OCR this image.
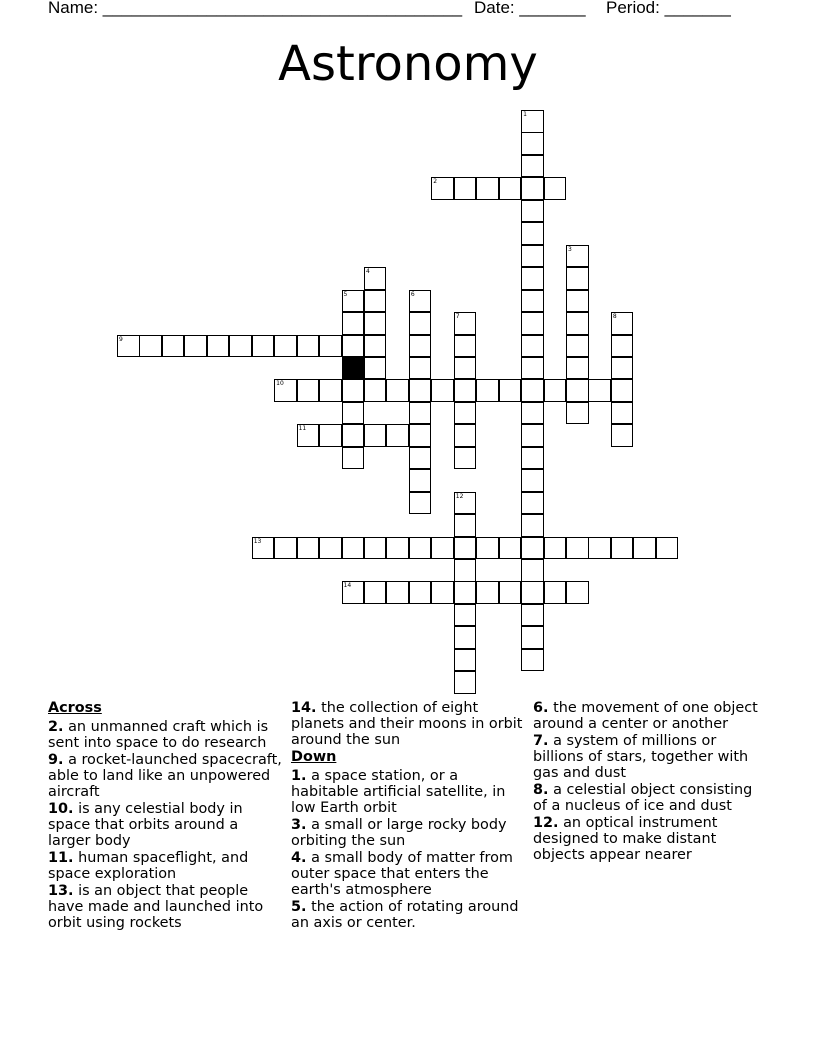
Name: ______________________________________ Date: _______ Period: _______
Astronomy
1
2
3
4
5	6
7	8
9
10
11
12
13
14
Across
2. an unmanned craft which is sent into space to do research
9. a rocket-launched spacecraft, able to land like an unpowered aircraft
10. is any celestial body in space that orbits around a larger body
11. human spaceflight, and space exploration
13. is an object that people have made and launched into orbit using rockets
14. the collection of eight planets and their moons in orbit around the sun
Down
1. a space station, or a habitable artificial satellite, in low Earth orbit
3. a small or large rocky body orbiting the sun
4. a small body of matter from outer space that enters the earth's atmosphere
5. the action of rotating around an axis or center.
6. the movement of one object around a center or another
7. a system of millions or billions of stars, together with gas and dust
8. a celestial object consisting of a nucleus of ice and dust
12. an optical instrument designed to make distant objects appear nearer
